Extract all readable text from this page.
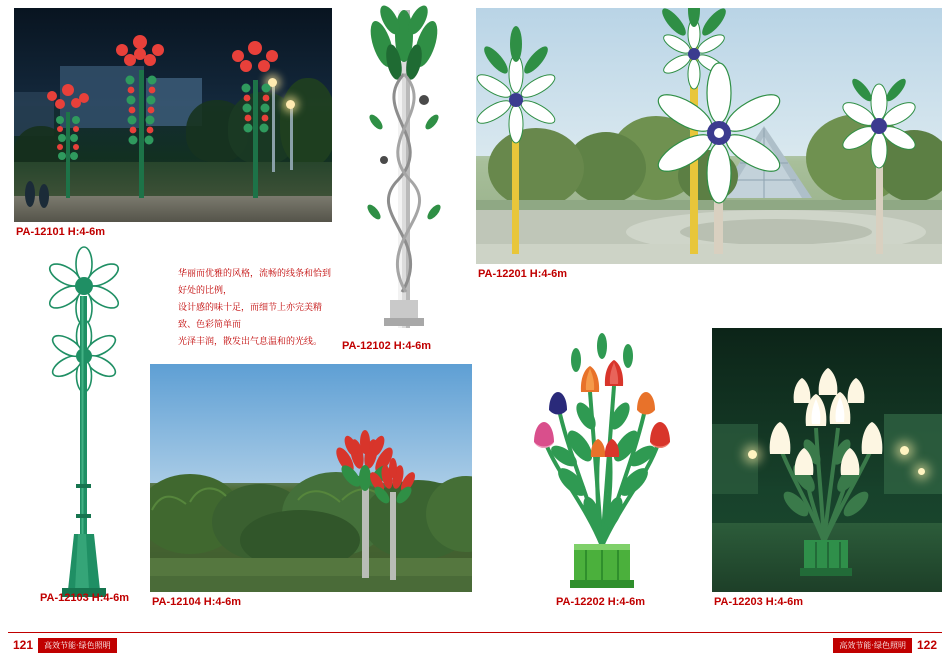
PA-12101 H:4-6m
PA-12102 H:4-6m
PA-12201 H:4-6m
PA-12103 H:4-6m PA-12104 H:4-6m	PA-12202 H:4-6m	PA-12203 H:4-6m

华丽而优雅的风格，流畅的线条和恰到好处的比例，

设计感的味十足，而细节上亦完美精致、色彩简单而

光泽丰润，散发出气息温和的光线。

121	高效节能·绿色照明	高效节能·绿色照明 122
